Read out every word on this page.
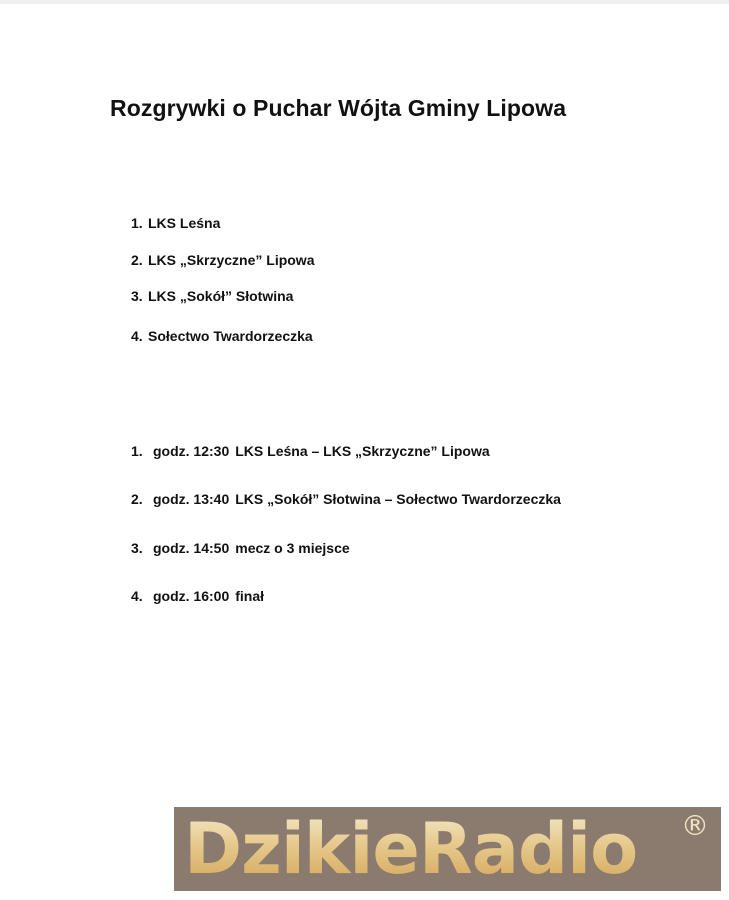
Rozgrywki o Puchar Wójta Gminy Lipowa
1. LKS Leśna
2. LKS „Skrzyczne” Lipowa
3. LKS „Sokół” Słotwina
4. Sołectwo Twardorzeczka
1. godz. 12:30 LKS Leśna – LKS „Skrzyczne” Lipowa
2. godz. 13:40 LKS „Sokół” Słotwina – Sołectwo Twardorzeczka
3. godz. 14:50 mecz o 3 miejsce
4. godz. 16:00 finał
DzikieRadio ®
